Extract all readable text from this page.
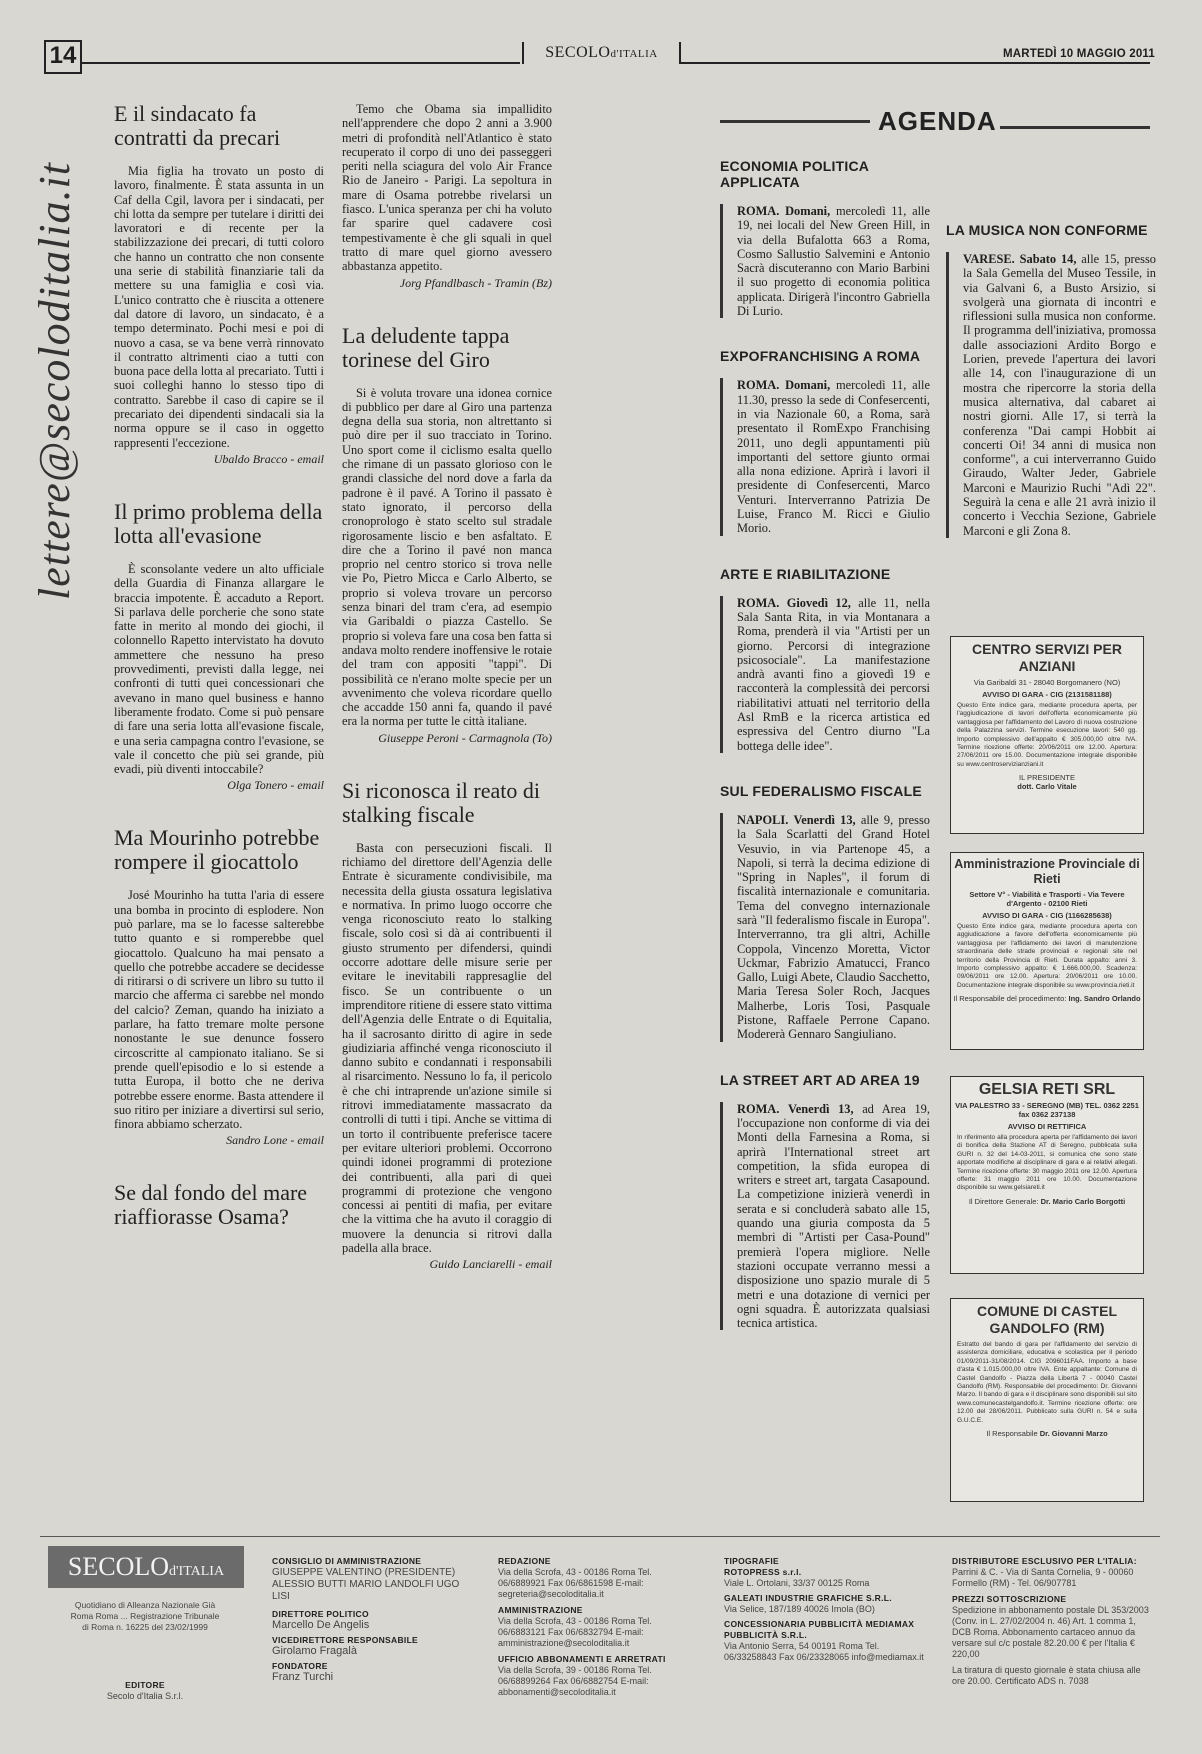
14	SECOLOd'ITALIA	MARTEDÌ 10 MAGGIO 2011
lettere@secoloditalia.it
E il sindacato fa contratti da precari

Mia figlia ha trovato un posto di lavoro, finalmente. È stata assunta in un Caf della Cgil, lavora per i sindacati, per chi lotta da sempre per tutelare i diritti dei lavoratori e di recente per la stabilizzazione dei precari, di tutti coloro che hanno un contratto che non consente una serie di stabilità finanziarie tali da mettere su una famiglia e così via. L'unico contratto che è riuscita a ottenere dal datore di lavoro, un sindacato, è a tempo determinato. Pochi mesi e poi di nuovo a casa, se va bene verrà rinnovato il contratto altrimenti ciao a tutti con buona pace della lotta al precariato. Tutti i suoi colleghi hanno lo stesso tipo di contratto. Sarebbe il caso di capire se il precariato dei dipendenti sindacali sia la norma oppure se il caso in oggetto rappresenti l'eccezione.

Ubaldo Bracco - email
Il primo problema della lotta all'evasione

È sconsolante vedere un alto ufficiale della Guardia di Finanza allargare le braccia impotente. È accaduto a Report. Si parlava delle porcherie che sono state fatte in merito al mondo dei giochi, il colonnello Rapetto intervistato ha dovuto ammettere che nessuno ha preso provvedimenti, previsti dalla legge, nei confronti di tutti quei concessionari che avevano in mano quel business e hanno liberamente frodato. Come si può pensare di fare una seria lotta all'evasione fiscale, e una seria campagna contro l'evasione, se vale il concetto che più sei grande, più evadi, più diventi intoccabile?

Olga Tonero - email
Ma Mourinho potrebbe rompere il giocattolo

José Mourinho ha tutta l'aria di essere una bomba in procinto di esplodere. Non può parlare, ma se lo facesse salterebbe tutto quanto e si romperebbe quel giocattolo. Qualcuno ha mai pensato a quello che potrebbe accadere se decidesse di ritirarsi o di scrivere un libro su tutto il marcio che afferma ci sarebbe nel mondo del calcio? Zeman, quando ha iniziato a parlare, ha fatto tremare molte persone nonostante le sue denunce fossero circoscritte al campionato italiano. Se si prende quell'episodio e lo si estende a tutta Europa, il botto che ne deriva potrebbe essere enorme. Basta attendere il suo ritiro per iniziare a divertirsi sul serio, finora abbiamo scherzato.

Sandro Lone - email
Se dal fondo del mare riaffiorasse Osama?

Temo che Obama sia impallidito nell'apprendere che dopo 2 anni a 3.900 metri di profondità nell'Atlantico è stato recuperato il corpo di uno dei passeggeri periti nella sciagura del volo Air France Rio de Janeiro - Parigi. La sepoltura in mare di Osama potrebbe rivelarsi un fiasco. L'unica speranza per chi ha voluto far sparire quel cadavere così tempestivamente è che gli squali in quel tratto di mare quel giorno avessero abbastanza appetito.

Jorg Pfandlbasch - Tramin (Bz)
La deludente tappa torinese del Giro

Si è voluta trovare una idonea cornice di pubblico per dare al Giro una partenza degna della sua storia, non altrettanto si può dire per il suo tracciato in Torino. Uno sport come il ciclismo esalta quello che rimane di un passato glorioso con le grandi classiche del nord dove a farla da padrone è il pavé. A Torino il passato è stato ignorato, il percorso della cronoprologo è stato scelto sul stradale rigorosamente liscio e ben asfaltato. E dire che a Torino il pavé non manca proprio nel centro storico si trova nelle vie Po, Pietro Micca e Carlo Alberto, se proprio si voleva trovare un percorso senza binari del tram c'era, ad esempio via Garibaldi o piazza Castello. Se proprio si voleva fare una cosa ben fatta si andava molto rendere inoffensive le rotaie del tram con appositi "tappi". Di possibilità ce n'erano molte specie per un avvenimento che voleva ricordare quello che accadde 150 anni fa, quando il pavé era la norma per tutte le città italiane.

Giuseppe Peroni - Carmagnola (To)
Si riconosca il reato di stalking fiscale

Basta con persecuzioni fiscali. Il richiamo del direttore dell'Agenzia delle Entrate è sicuramente condivisibile, ma necessita della giusta ossatura legislativa e normativa. In primo luogo occorre che venga riconosciuto reato lo stalking fiscale, solo così si dà ai contribuenti il giusto strumento per difendersi, quindi occorre adottare delle misure serie per evitare le inevitabili rappresaglie del fisco. Se un contribuente o un imprenditore ritiene di essere stato vittima dell'Agenzia delle Entrate o di Equitalia, ha il sacrosanto diritto di agire in sede giudiziaria affinché venga riconosciuto il danno subito e condannati i responsabili al risarcimento. Nessuno lo fa, il pericolo è che chi intraprende un'azione simile si ritrovi immediatamente massacrato da controlli di tutti i tipi. Anche se vittima di un torto il contribuente preferisce tacere per evitare ulteriori problemi. Occorrono quindi idonei programmi di protezione dei contribuenti, alla pari di quei programmi di protezione che vengono concessi ai pentiti di mafia, per evitare che la vittima che ha avuto il coraggio di muovere la denuncia si ritrovi dalla padella alla brace.

Guido Lanciarelli - email
AGENDA
ECONOMIA POLITICA APPLICATA
ROMA. Domani, mercoledì 11, alle 19, nei locali del New Green Hill, in via della Bufalotta 663 a Roma, Cosmo Sallustio Salvemini e Antonio Sacrà discuteranno con Mario Barbini il suo progetto di economia politica applicata. Dirigerà l'incontro Gabriella Di Lurio.
EXPOFRANCHISING A ROMA
ROMA. Domani, mercoledì 11, alle 11.30, presso la sede di Confesercenti, in via Nazionale 60, a Roma, sarà presentato il RomExpo Franchising 2011, uno degli appuntamenti più importanti del settore giunto ormai alla nona edizione. Aprirà i lavori il presidente di Confesercenti, Marco Venturi. Interverranno Patrizia De Luise, Franco M. Ricci e Giulio Morio.
ARTE E RIABILITAZIONE
ROMA. Giovedì 12, alle 11, nella Sala Santa Rita, in via Montanara a Roma, prenderà il via "Artisti per un giorno. Percorsi di integrazione psicosociale". La manifestazione andrà avanti fino a giovedì 19 e racconterà la complessità dei percorsi riabilitativi attuati nel territorio della Asl RmB e la ricerca artistica ed espressiva del Centro diurno "La bottega delle idee".
SUL FEDERALISMO FISCALE
NAPOLI. Venerdì 13, alle 9, presso la Sala Scarlatti del Grand Hotel Vesuvio, in via Partenope 45, a Napoli, si terrà la decima edizione di "Spring in Naples", il forum di fiscalità internazionale e comunitaria. Tema del convegno internazionale sarà "Il federalismo fiscale in Europa". Interverranno, tra gli altri, Achille Coppola, Vincenzo Moretta, Victor Uckmar, Fabrizio Amatucci, Franco Gallo, Luigi Abete, Claudio Sacchetto, Maria Teresa Soler Roch, Jacques Malherbe, Loris Tosi, Pasquale Pistone, Raffaele Perrone Capano. Modererà Gennaro Sangiuliano.
LA STREET ART AD AREA 19
ROMA. Venerdì 13, ad Area 19, l'occupazione non conforme di via dei Monti della Farnesina a Roma, si aprirà l'International street art competition, la sfida europea di writers e street art, targata Casapound. La competizione inizierà venerdì in serata e si concluderà sabato alle 15, quando una giuria composta da 5 membri di "Artisti per Casa-Pound" premierà l'opera migliore. Nelle stazioni occupate verranno messi a disposizione uno spazio murale di 5 metri e una dotazione di vernici per ogni squadra. È autorizzata qualsiasi tecnica artistica.
LA MUSICA NON CONFORME
VARESE. Sabato 14, alle 15, presso la Sala Gemella del Museo Tessile, in via Galvani 6, a Busto Arsizio, si svolgerà una giornata di incontri e riflessioni sulla musica non conforme. Il programma dell'iniziativa, promossa dalle associazioni Ardito Borgo e Lorien, prevede l'apertura dei lavori alle 14, con l'inaugurazione di un mostra che ripercorre la storia della musica alternativa, dal cabaret ai nostri giorni. Alle 17, si terrà la conferenza "Dai campi Hobbit ai concerti Oi! 34 anni di musica non conforme", a cui interverranno Guido Giraudo, Walter Jeder, Gabriele Marconi e Maurizio Ruchi "Adì 22". Seguirà la cena e alle 21 avrà inizio il concerto i Vecchia Sezione, Gabriele Marconi e gli Zona 8.
CENTRO SERVIZI PER ANZIANI
Via Garibaldi 31 - 28040 Borgomanero (NO)
AVVISO DI GARA - CIG (2131581188)
Questo Ente indice gara, mediante procedura aperta, per l'aggiudicazione di lavori dell'offerta economicamente più vantaggiosa per l'affidamento del Lavoro di nuova costruzione della Palazzina servizi. Termine esecuzione lavori: 540 gg. Importo complessivo dell'appalto € 305.000,00 oltre IVA. Termine ricezione offerte: 20/06/2011 ore 12.00. Apertura: 27/06/2011 ore 15.00. Documentazione integrale disponibile su www.centroservizianziani.it
IL PRESIDENTE
dott. Carlo Vitale
Amministrazione Provinciale di Rieti
Settore V° - Viabilità e Trasporti - Via Tevere d'Argento - 02100 Rieti
AVVISO DI GARA - CIG (1166285638)
Questo Ente indice gara, mediante procedura aperta con aggiudicazione a favore dell'offerta economicamente più vantaggiosa per l'affidamento dei lavori di manutenzione straordinaria delle strade provinciali e regionali site nel territorio della Provincia di Rieti. Durata appalto: anni 3. Importo complessivo appalto: € 1.666.000,00. Scadenza: 09/06/2011 ore 12.00. Apertura: 20/06/2011 ore 10.00. Documentazione integrale disponibile su www.provincia.rieti.it
Il Responsabile del procedimento: Ing. Sandro Orlando
GELSIA RETI SRL
VIA PALESTRO 33 - SEREGNO (MB) TEL. 0362 2251 fax 0362 237138
AVVISO DI RETTIFICA
In riferimento alla procedura aperta per l'affidamento dei lavori di bonifica della Stazione AT di Seregno, pubblicata sulla GURI n. 32 del 14-03-2011, si comunica che sono state apportate modifiche al disciplinare di gara e ai relativi allegati. Termine ricezione offerte: 30 maggio 2011 ore 12.00. Apertura offerte: 31 maggio 2011 ore 10.00. Documentazione disponibile su www.gelsiareti.it
Il Direttore Generale: Dr. Mario Carlo Borgotti
COMUNE DI CASTEL GANDOLFO (RM)
Estratto del bando di gara per l'affidamento del servizio di assistenza domiciliare, educativa e scolastica per il periodo 01/09/2011-31/08/2014. CIG 2096011FAA. Importo a base d'asta € 1.015.000,00 oltre IVA. Ente appaltante: Comune di Castel Gandolfo - Piazza della Libertà 7 - 00040 Castel Gandolfo (RM). Responsabile del procedimento: Dr. Giovanni Marzo. Il bando di gara e il disciplinare sono disponibili sul sito www.comunecastelgandolfo.it. Termine ricezione offerte: ore 12.00 del 28/06/2011. Pubblicato sulla GURI n. 54 e sulla G.U.C.E.
Il Responsabile Dr. Giovanni Marzo
SECOLOd'ITALIA
Quotidiano di Alleanza Nazionale Già Roma Roma ... Registrazione Tribunale di Roma n. 16225 del 23/02/1999
EDITORE
Secolo d'Italia S.r.l.
CONSIGLIO DI AMMINISTRAZIONE
GIUSEPPE VALENTINO (PRESIDENTE) ALESSIO BUTTI MARIO LANDOLFI UGO LISI
DIRETTORE POLITICO
Marcello De Angelis
VICEDIRETTORE RESPONSABILE
Girolamo Fragalà
FONDATORE
Franz Turchi
REDAZIONE
Via della Scrofa, 43 - 00186 Roma Tel. 06/6889921 Fax 06/6861598 E-mail: segreteria@secoloditalia.it
AMMINISTRAZIONE
Via della Scrofa, 43 - 00186 Roma Tel. 06/6883121 Fax 06/6832794 E-mail: amministrazione@secoloditalia.it
UFFICIO ABBONAMENTI E ARRETRATI
Via della Scrofa, 39 - 00186 Roma Tel. 06/68899264 Fax 06/6882754 E-mail: abbonamenti@secoloditalia.it
TIPOGRAFIE
ROTOPRESS s.r.l.
Viale L. Ortolani, 33/37 00125 Roma
GALEATI INDUSTRIE GRAFICHE S.R.L.
Via Selice, 187/189 40026 Imola (BO)
CONCESSIONARIA PUBBLICITÀ MEDIAMAX PUBBLICITÀ S.R.L.
Via Antonio Serra, 54 00191 Roma Tel. 06/33258843 Fax 06/23328065 info@mediamax.it
DISTRIBUTORE ESCLUSIVO PER L'ITALIA:
Parrini & C. - Via di Santa Cornelia, 9 - 00060 Formello (RM) - Tel. 06/907781
PREZZI SOTTOSCRIZIONE
Spedizione in abbonamento postale DL 353/2003 (Conv. in L. 27/02/2004 n. 46) Art. 1 comma 1, DCB Roma. Abbonamento cartaceo annuo da versare sul c/c postale 82.20.00 € per l'Italia € 220,00
La tiratura di questo giornale è stata chiusa alle ore 20.00. Certificato ADS n. 7038
